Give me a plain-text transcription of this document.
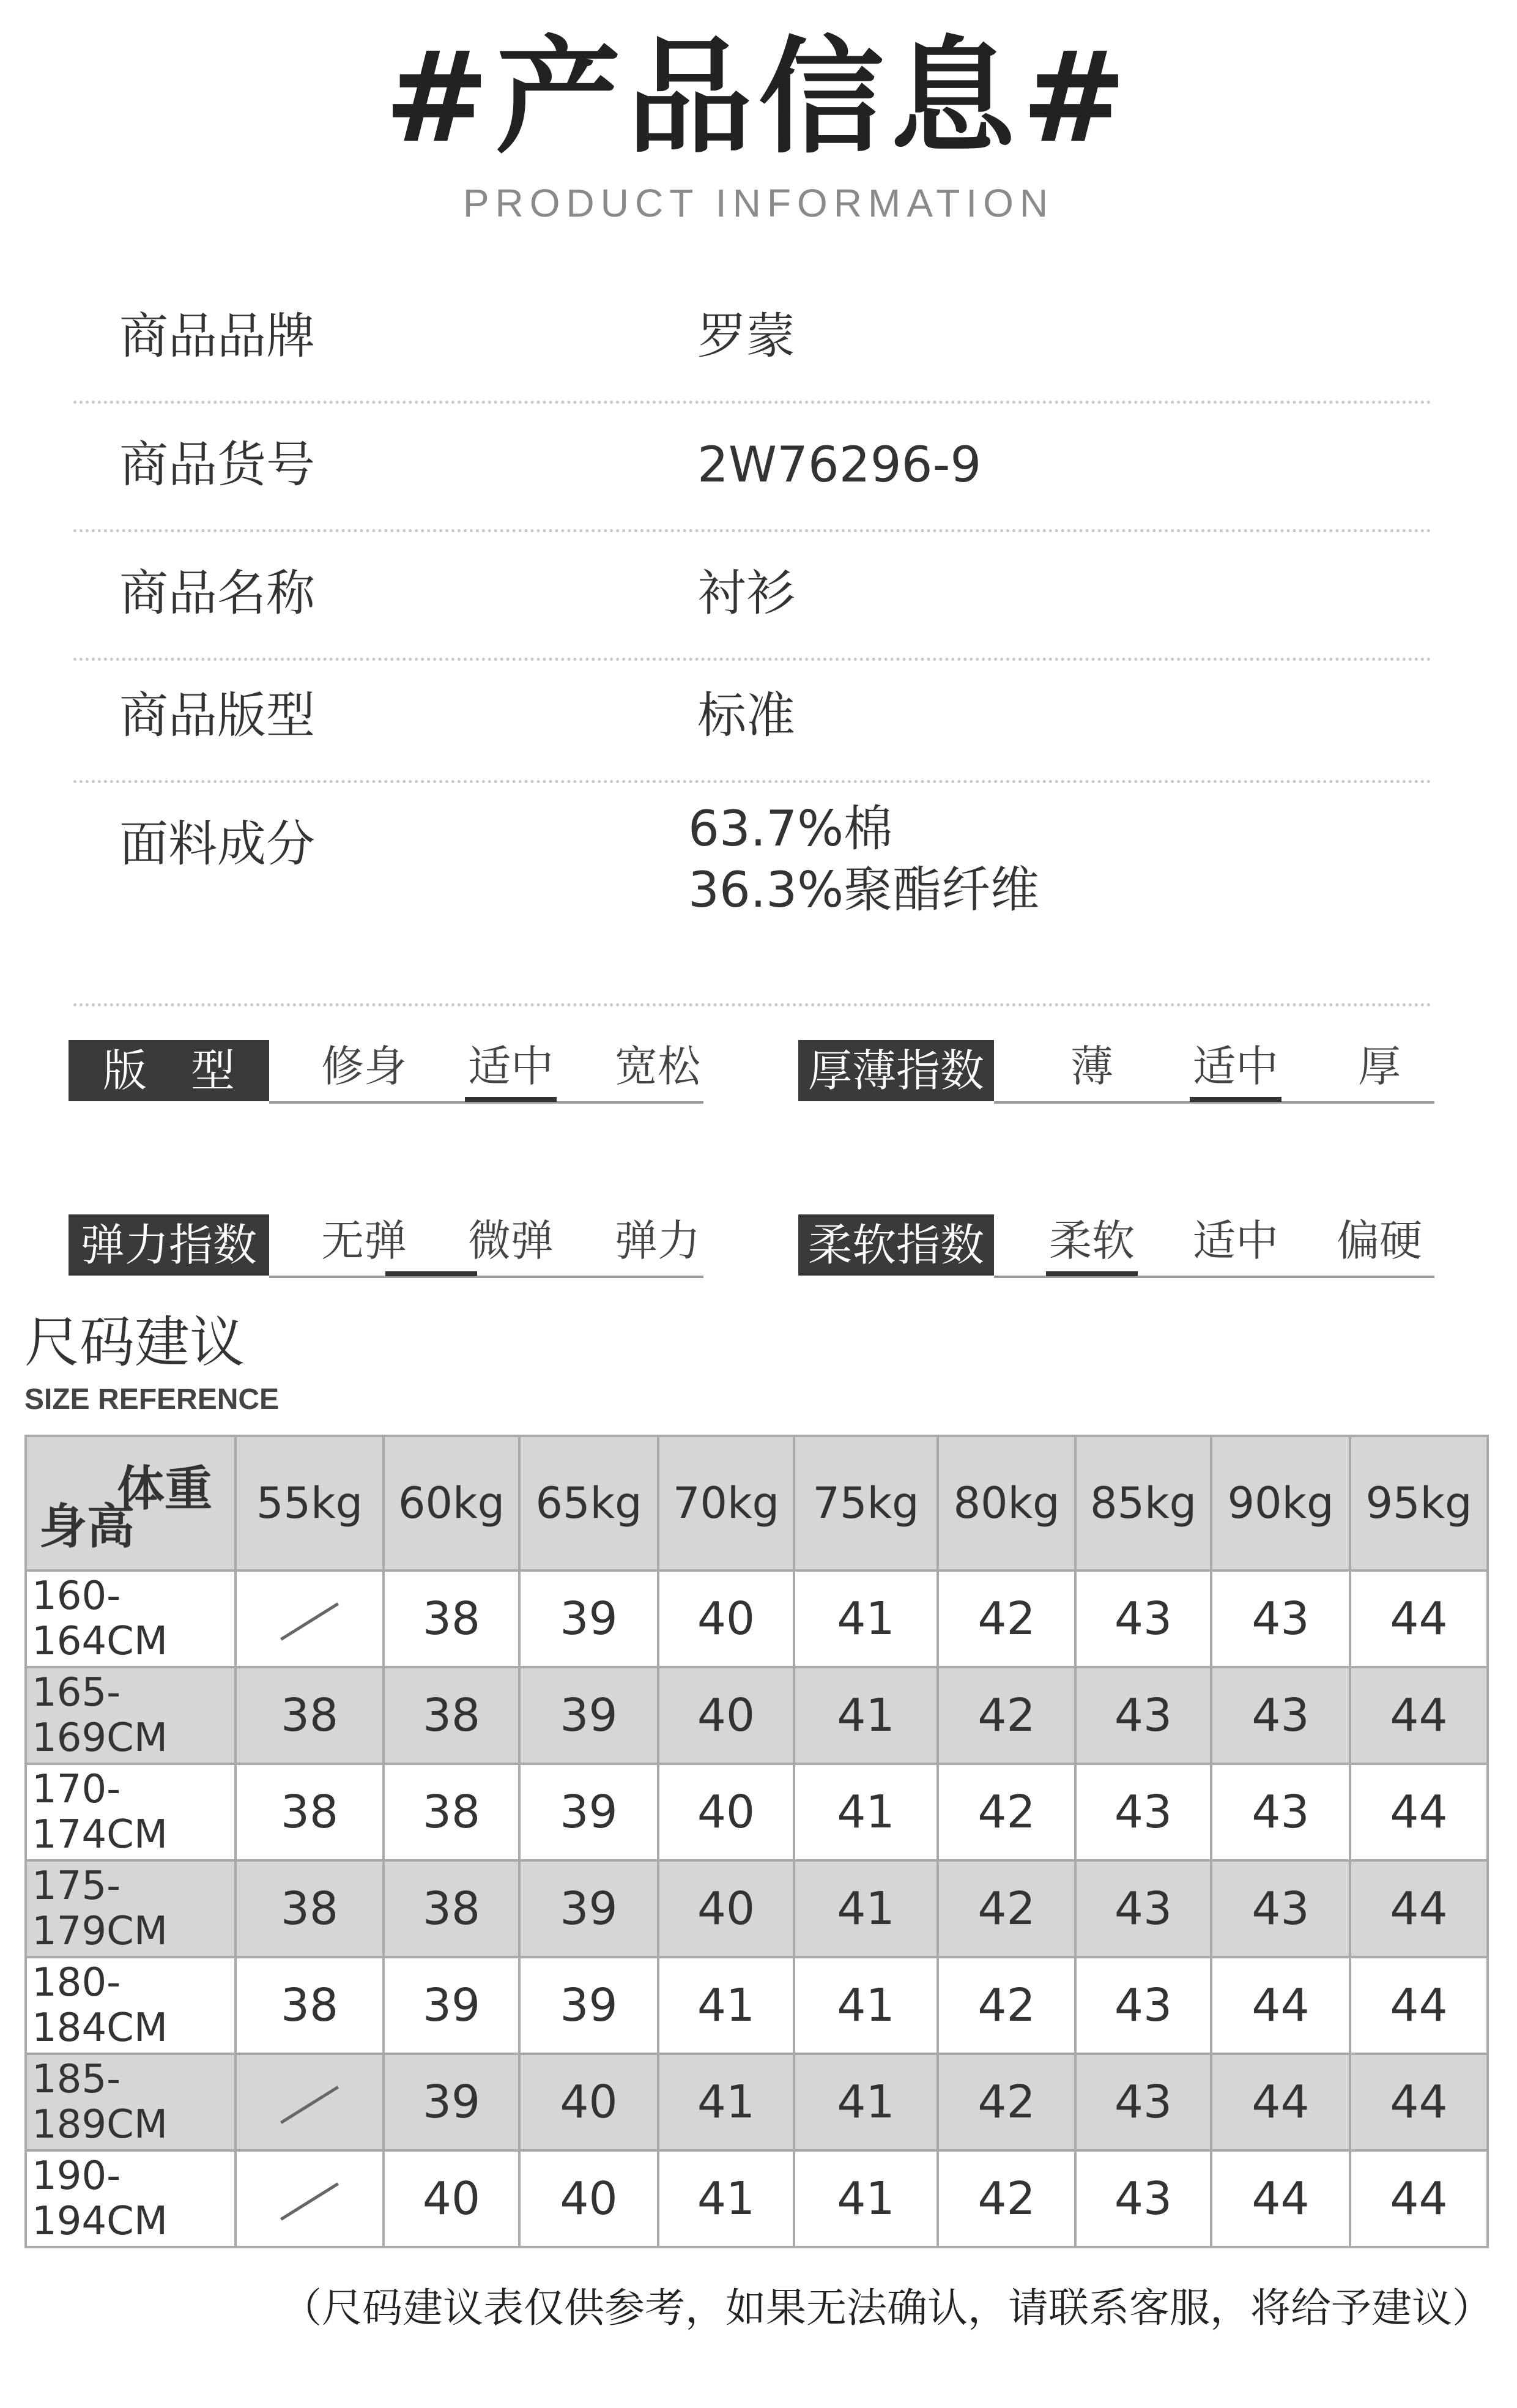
#产品信息#
PRODUCT INFORMATION
商品品牌	罗蒙
商品货号	2W76296-9
商品名称	衬衫
商品版型	标准
面料成分	63.7%棉
36.3%聚酯纤维
版　型	修身	适中	宽松	厚薄指数	薄	适中	厚
弹力指数	无弹	微弹	弹力	柔软指数	柔软	适中	偏硬
尺码建议
SIZE REFERENCE
体重
身高	55kg	60kg	65kg	70kg	75kg	80kg	85kg	90kg	95kg
160-164CM		38	39	40	41	42	43	43	44
165-169CM	38	38	39	40	41	42	43	43	44
170-174CM	38	38	39	40	41	42	43	43	44
175-179CM	38	38	39	40	41	42	43	43	44
180-184CM	38	39	39	41	41	42	43	44	44
185-189CM		39	40	41	41	42	43	44	44
190-194CM		40	40	41	41	42	43	44	44
（尺码建议表仅供参考，如果无法确认，请联系客服，将给予建议）
